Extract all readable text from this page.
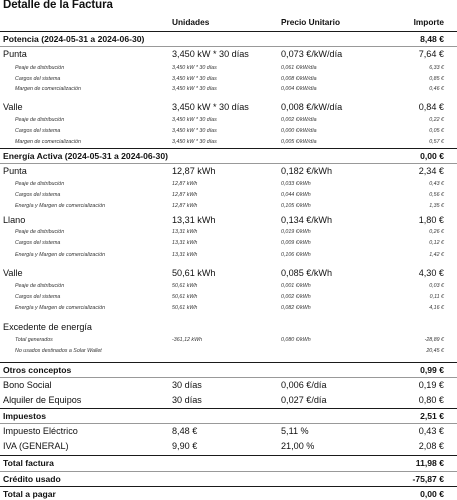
Detalle de la Factura
Unidades	Precio Unitario	Importe
Potencia (2024-05-31 a 2024-06-30)	8,48 €
Punta	3,450 kW * 30 días	0,073 €/kW/día	7,64 €
Peaje de distribución	3,450 kW * 30 días	0,061 €/kW/día	6,33 €
Cargos del sistema	3,450 kW * 30 días	0,008 €/kW/día	0,85 €
Margen de comercialización	3,450 kW * 30 días	0,004 €/kW/día	0,46 €
Valle	3,450 kW * 30 días	0,008 €/kW/día	0,84 €
Peaje de distribución	3,450 kW * 30 días	0,002 €/kW/día	0,22 €
Cargos del sistema	3,450 kW * 30 días	0,000 €/kW/día	0,05 €
Margen de comercialización	3,450 kW * 30 días	0,005 €/kW/día	0,57 €
Energía Activa (2024-05-31 a 2024-06-30)	0,00 €
Punta	12,87 kWh	0,182 €/kWh	2,34 €
Peaje de distribución	12,87 kWh	0,033 €/kWh	0,43 €
Cargos del sistema	12,87 kWh	0,044 €/kWh	0,56 €
Energía y Margen de comercialización	12,87 kWh	0,105 €/kWh	1,35 €
Llano	13,31 kWh	0,134 €/kWh	1,80 €
Peaje de distribución	13,31 kWh	0,019 €/kWh	0,26 €
Cargos del sistema	13,31 kWh	0,009 €/kWh	0,12 €
Energía y Margen de comercialización	13,31 kWh	0,106 €/kWh	1,42 €
Valle	50,61 kWh	0,085 €/kWh	4,30 €
Peaje de distribución	50,61 kWh	0,001 €/kWh	0,03 €
Cargos del sistema	50,61 kWh	0,002 €/kWh	0,11 €
Energía y Margen de comercialización	50,61 kWh	0,082 €/kWh	4,16 €
Excedente de energía
Total generados	-361,12 kWh	0,080 €/kWh	-28,89 €
No usados destinados a Solar Wallet	20,45 €
Otros conceptos	0,99 €
Bono Social	30 días	0,006 €/día	0,19 €
Alquiler de Equipos	30 días	0,027 €/día	0,80 €
Impuestos	2,51 €
Impuesto Eléctrico	8,48 €	5,11 %	0,43 €
IVA (GENERAL)	9,90 €	21,00 %	2,08 €
Total factura	11,98 €
Crédito usado	-75,87 €
Total a pagar	0,00 €
